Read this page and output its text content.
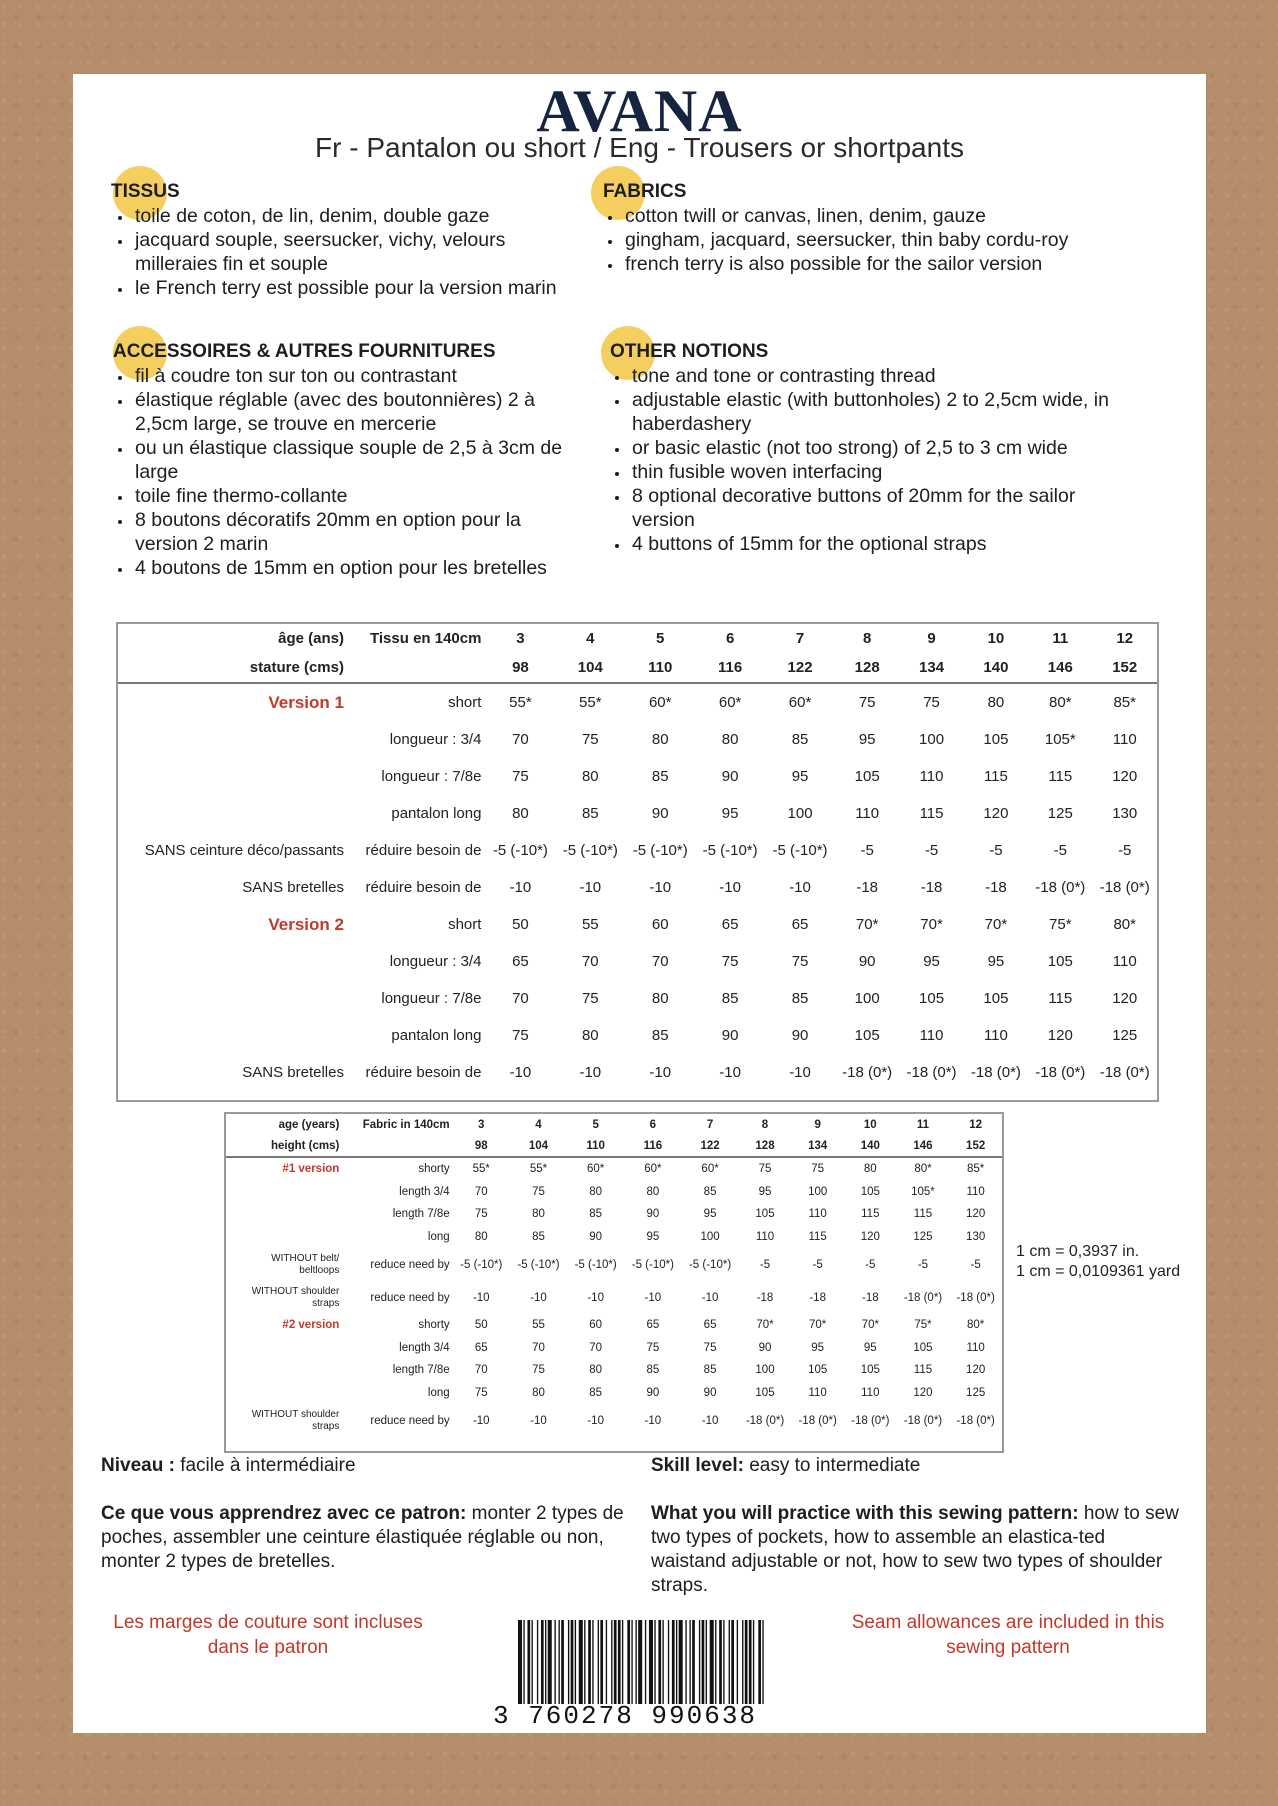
AVANA
Fr - Pantalon ou short / Eng - Trousers or shortpants
TISSUS
• toile de coton, de lin, denim, double gaze
• jacquard souple, seersucker, vichy, velours milleraies fin et souple
• le French terry est possible pour la version marin
FABRICS
• cotton twill or canvas, linen, denim, gauze
• gingham, jacquard, seersucker, thin baby cordu-roy
• french terry is also possible for the sailor version
ACCESSOIRES & AUTRES FOURNITURES
• fil à coudre ton sur ton ou contrastant
• élastique réglable (avec des boutonnières) 2 à 2,5cm large, se trouve en mercerie
• ou un élastique classique souple de 2,5 à 3cm de large
• toile fine thermo-collante
• 8 boutons décoratifs 20mm en option pour la version 2 marin
• 4 boutons de 15mm en option pour les bretelles
OTHER NOTIONS
• tone and tone or contrasting thread
• adjustable elastic (with buttonholes) 2 to 2,5cm wide, in haberdashery
• or basic elastic (not too strong) of 2,5 to 3 cm wide
• thin fusible woven interfacing
• 8 optional decorative buttons of 20mm for the sailor version
• 4 buttons of 15mm for the optional straps
âge (ans)	Tissu en 140cm	3	4	5	6	7	8	9	10	11	12
stature (cms)		98	104	110	116	122	128	134	140	146	152
Version 1	short	55*	55*	60*	60*	60*	75	75	80	80*	85*
	longueur : 3/4	70	75	80	80	85	95	100	105	105*	110
	longueur : 7/8e	75	80	85	90	95	105	110	115	115	120
	pantalon long	80	85	90	95	100	110	115	120	125	130
SANS ceinture déco/passants	réduire besoin de	-5 (-10*)	-5 (-10*)	-5 (-10*)	-5 (-10*)	-5 (-10*)	-5	-5	-5	-5	-5
SANS bretelles	réduire besoin de	-10	-10	-10	-10	-10	-18	-18	-18	-18 (0*)	-18 (0*)
Version 2	short	50	55	60	65	65	70*	70*	70*	75*	80*
	longueur : 3/4	65	70	70	75	75	90	95	95	105	110
	longueur : 7/8e	70	75	80	85	85	100	105	105	115	120
	pantalon long	75	80	85	90	90	105	110	110	120	125
SANS bretelles	réduire besoin de	-10	-10	-10	-10	-10	-18 (0*)	-18 (0*)	-18 (0*)	-18 (0*)	-18 (0*)
age (years)	Fabric in 140cm	3	4	5	6	7	8	9	10	11	12
height (cms)		98	104	110	116	122	128	134	140	146	152
#1 version	shorty	55*	55*	60*	60*	60*	75	75	80	80*	85*
	length 3/4	70	75	80	80	85	95	100	105	105*	110
	length 7/8e	75	80	85	90	95	105	110	115	115	120
	long	80	85	90	95	100	110	115	120	125	130
WITHOUT belt/ beltloops	reduce need by	-5 (-10*)	-5 (-10*)	-5 (-10*)	-5 (-10*)	-5 (-10*)	-5	-5	-5	-5	-5
WITHOUT shoulder straps	reduce need by	-10	-10	-10	-10	-10	-18	-18	-18	-18 (0*)	-18 (0*)
#2 version	shorty	50	55	60	65	65	70*	70*	70*	75*	80*
	length 3/4	65	70	70	75	75	90	95	95	105	110
	length 7/8e	70	75	80	85	85	100	105	105	115	120
	long	75	80	85	90	90	105	110	110	120	125
WITHOUT shoulder straps	reduce need by	-10	-10	-10	-10	-10	-18 (0*)	-18 (0*)	-18 (0*)	-18 (0*)	-18 (0*)
1 cm = 0,3937 in.
1 cm = 0,0109361 yard
Niveau : facile à intermédiaire	Skill level: easy to intermediate
Ce que vous apprendrez avec ce patron: monter 2 types de poches, assembler une ceinture élastiquée réglable ou non, monter 2 types de bretelles.
What you will practice with this sewing pattern: how to sew two types of pockets, how to assemble an elastica-ted waistand adjustable or not, how to sew two types of shoulder straps.
Les marges de couture sont incluses dans le patron
Seam allowances are included in this sewing pattern
3 760278 990638
